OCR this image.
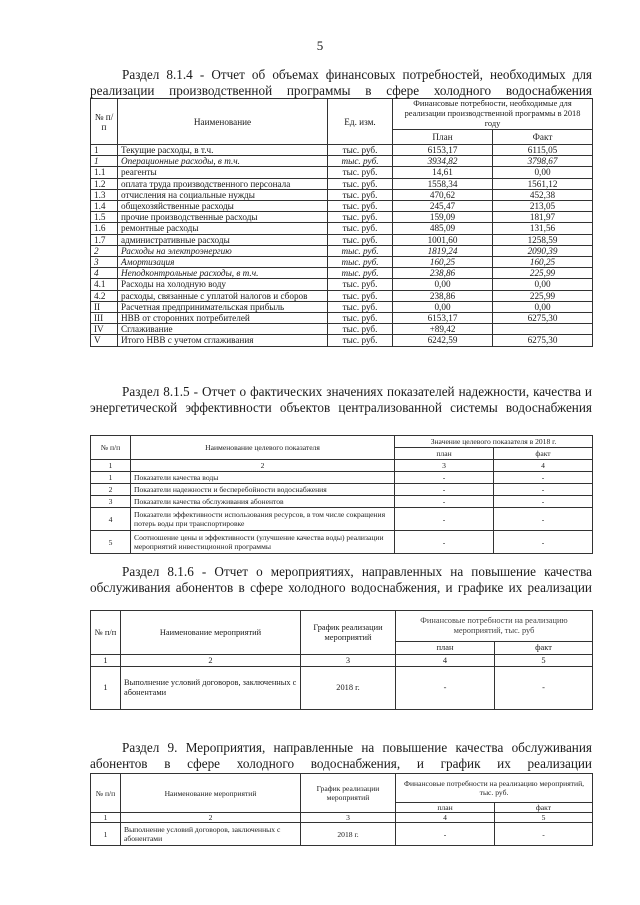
5
Раздел 8.1.4 - Отчет об объемах финансовых потребностей, необходимых для реализации производственной программы в сфере холодного водоснабжения
№ п/п	Наименование	Ед. изм.	Финансовые потребности, необходимые для реализации производственной программы в 2018 году	
			План	Факт
1	Текущие расходы, в т.ч.	тыс. руб.	6153,17	6115,05
1	Операционные расходы, в т.ч.	тыс. руб.	3934,82	3798,67
1.1	реагенты	тыс. руб.	14,61	0,00
1.2	оплата труда производственного персонала	тыс. руб.	1558,34	1561,12
1.3	отчисления на социальные нужды	тыс. руб.	470,62	452,38
1.4	общехозяйственные расходы	тыс. руб.	245,47	213,05
1.5	прочие производственные расходы	тыс. руб.	159,09	181,97
1.6	ремонтные расходы	тыс. руб.	485,09	131,56
1.7	административные расходы	тыс. руб.	1001,60	1258,59
2	Расходы на электроэнергию	тыс. руб.	1819,24	2090,39
3	Амортизация	тыс. руб.	160,25	160,25
4	Неподконтрольные расходы, в т.ч.	тыс. руб.	238,86	225,99
4.1	Расходы на холодную воду	тыс. руб.	0,00	0,00
4.2	расходы, связанные с уплатой налогов и сборов	тыс. руб.	238,86	225,99
II	Расчетная предпринимательская прибыль	тыс. руб.	0,00	0,00
III	НВВ от сторонних потребителей	тыс. руб.	6153,17	6275,30
IV	Сглаживание	тыс. руб.	+89,42	
V	Итого НВВ с учетом сглаживания	тыс. руб.	6242,59	6275,30
Раздел 8.1.5 - Отчет о фактических значениях показателей надежности, качества и энергетической эффективности объектов централизованной системы водоснабжения
№ п/п	Наименование целевого показателя	Значение целевого показателя в 2018 г.	
		план	факт
1	2	3	4
1	Показатели качества воды	-	-
2	Показатели надежности и бесперебойности водоснабжения	-	-
3	Показатели качества обслуживания абонентов	-	-
4	Показатели эффективности использования ресурсов, в том числе сокращения потерь воды при транспортировке	-	-
5	Соотношение цены и эффективности (улучшение качества воды) реализации мероприятий инвестиционной программы	-	-
Раздел 8.1.6 - Отчет о мероприятиях, направленных на повышение качества обслуживания абонентов в сфере холодного водоснабжения, и графике их реализации
№ п/п	Наименование мероприятий	График реализации мероприятий	Финансовые потребности на реализацию мероприятий, тыс. руб	
			план	факт
1	2	3	4	5
1	Выполнение условий договоров, заключенных с абонентами	2018 г.	-	-
Раздел 9. Мероприятия, направленные на повышение качества обслуживания абонентов в сфере холодного водоснабжения, и график их реализации
№ п/п	Наименование мероприятий	График реализации мероприятий	Финансовые потребности на реализацию мероприятий, тыс. руб.	
			план	факт
1	2	3	4	5
1	Выполнение условий договоров, заключенных с абонентами	2018 г.	-	-
